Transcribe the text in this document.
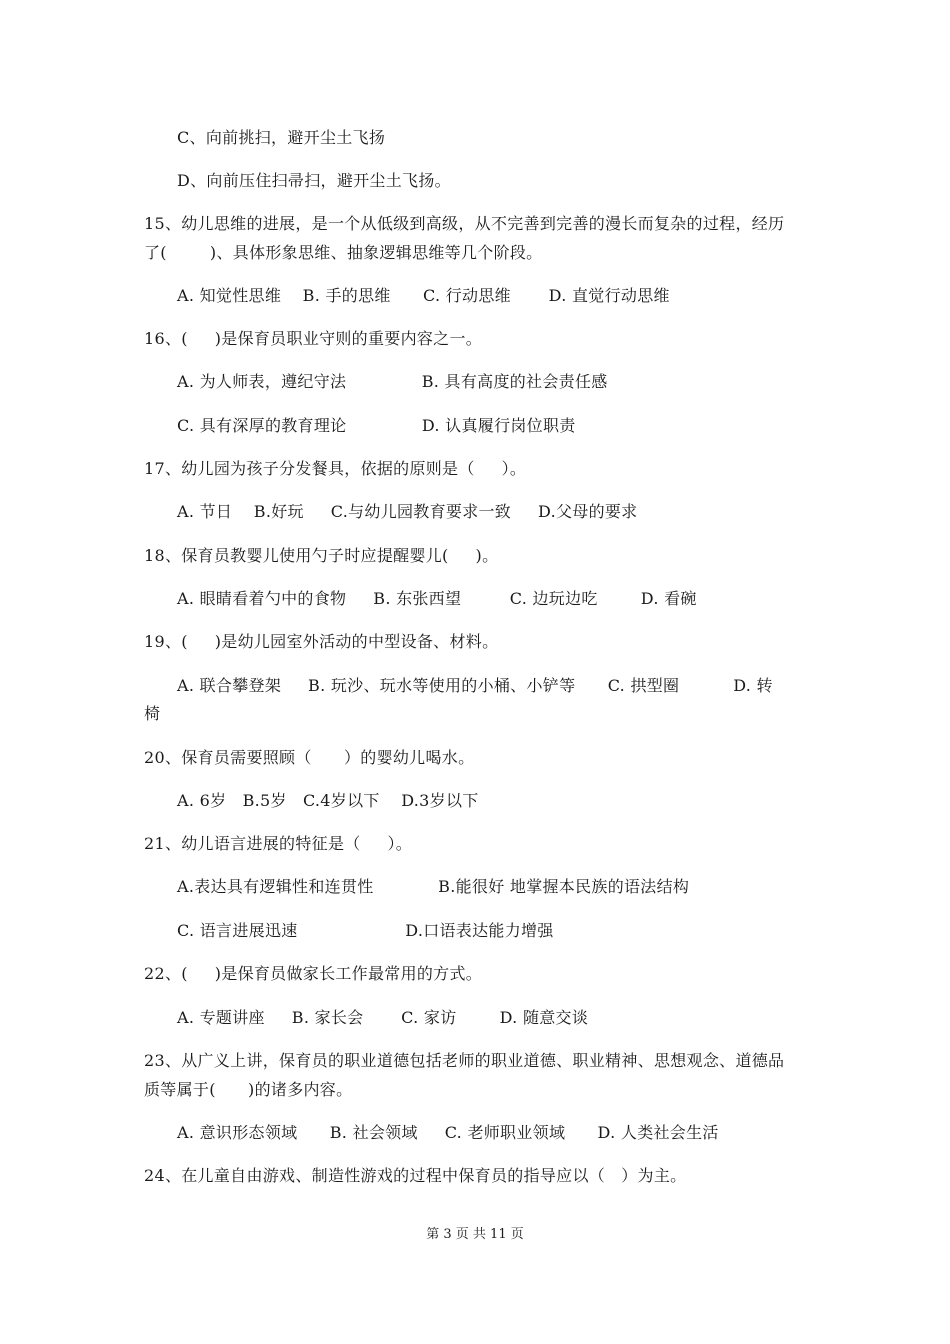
C、向前挑扫，避开尘土飞扬
D、向前压住扫帚扫，避开尘土飞扬。
15、幼儿思维的进展，是一个从低级到高级，从不完善到完善的漫长而复杂的过程，经历
了(        )、具体形象思维、抽象逻辑思维等几个阶段。
A. 知觉性思维    B. 手的思维      C. 行动思维       D. 直觉行动思维
16、(     )是保育员职业守则的重要内容之一。
A. 为人师表，遵纪守法              B. 具有高度的社会责任感
C. 具有深厚的教育理论              D. 认真履行岗位职责
17、幼儿园为孩子分发餐具，依据的原则是（     ）。
A. 节日    B.好玩     C.与幼儿园教育要求一致     D.父母的要求
18、保育员教婴儿使用勺子时应提醒婴儿(     )。
A. 眼睛看着勺中的食物     B. 东张西望         C. 边玩边吃        D. 看碗
19、(     )是幼儿园室外活动的中型设备、材料。
A. 联合攀登架     B. 玩沙、玩水等使用的小桶、小铲等      C. 拱型圈          D. 转
椅
20、保育员需要照顾（      ）的婴幼儿喝水。
A. 6岁   B.5岁   C.4岁以下    D.3岁以下
21、幼儿语言进展的特征是（     ）。
A.表达具有逻辑性和连贯性            B.能很好 地掌握本民族的语法结构
C. 语言进展迅速                    D.口语表达能力增强
22、(     )是保育员做家长工作最常用的方式。
A. 专题讲座     B. 家长会       C. 家访        D. 随意交谈
23、从广义上讲，保育员的职业道德包括老师的职业道德、职业精神、思想观念、道德品
质等属于(      )的诸多内容。
A. 意识形态领域      B. 社会领域     C. 老师职业领域      D. 人类社会生活
24、在儿童自由游戏、制造性游戏的过程中保育员的指导应以（   ）为主。
第 3 页 共 11 页
